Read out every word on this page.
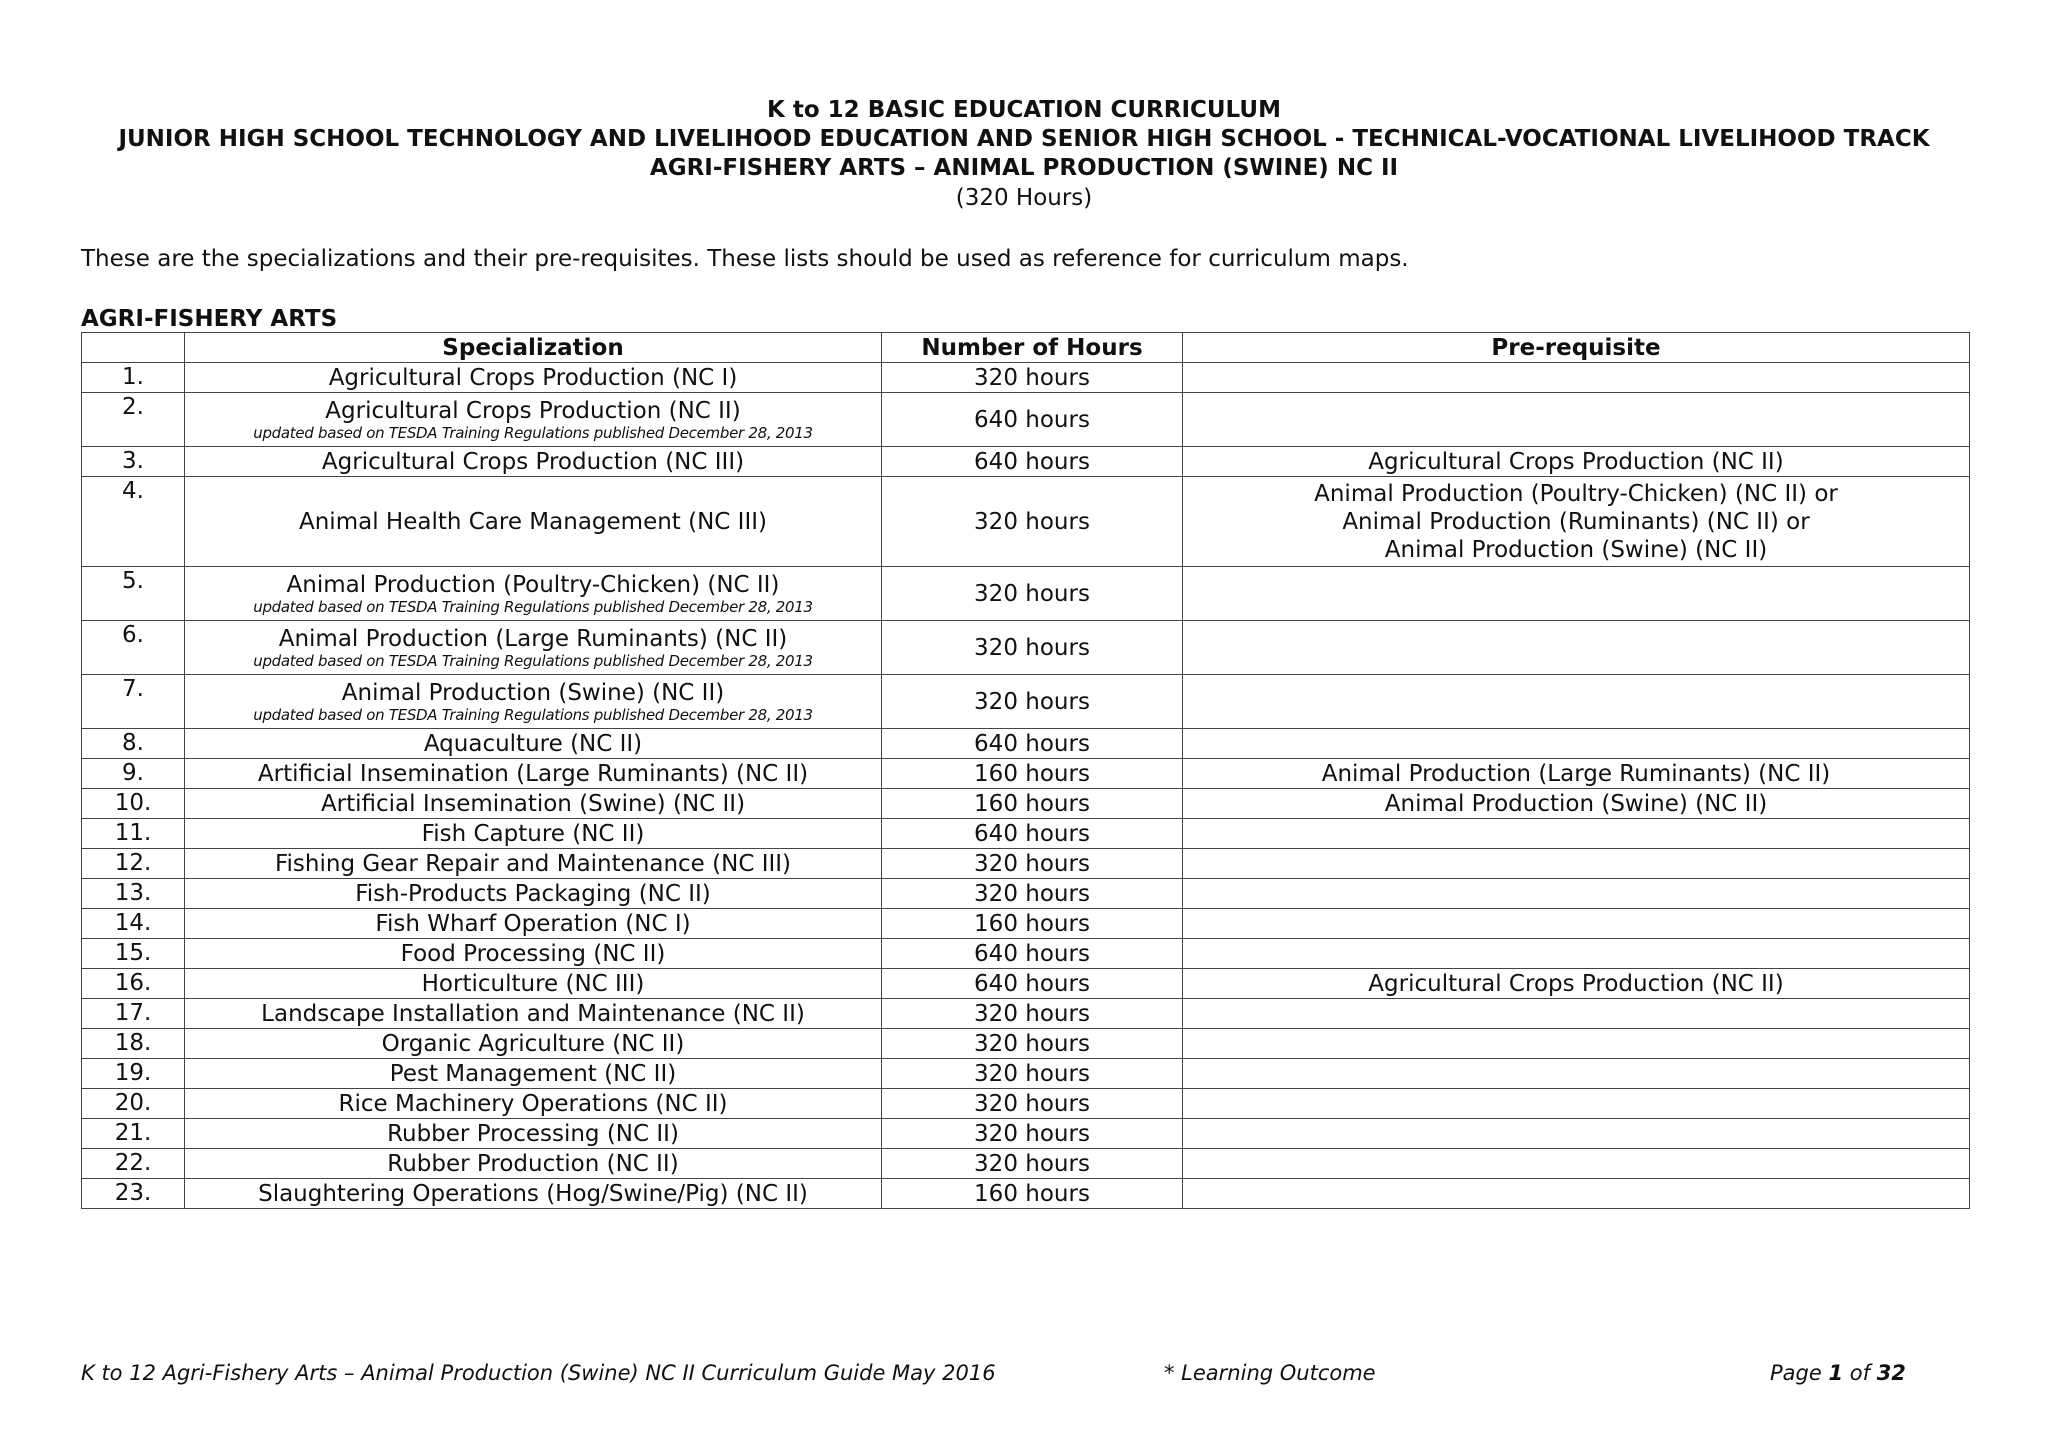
K to 12 BASIC EDUCATION CURRICULUM
JUNIOR HIGH SCHOOL TECHNOLOGY AND LIVELIHOOD EDUCATION AND SENIOR HIGH SCHOOL - TECHNICAL-VOCATIONAL LIVELIHOOD TRACK
AGRI-FISHERY ARTS – ANIMAL PRODUCTION (SWINE) NC II
(320 Hours)
These are the specializations and their pre-requisites. These lists should be used as reference for curriculum maps.
AGRI-FISHERY ARTS
	Specialization	Number of Hours	Pre-requisite
1.	Agricultural Crops Production (NC I)	320 hours	
2.	Agricultural Crops Production (NC II)
updated based on TESDA Training Regulations published December 28, 2013	640 hours	
3.	Agricultural Crops Production (NC III)	640 hours	Agricultural Crops Production (NC II)

4.	Animal Health Care Management (NC III)	320 hours	Animal Production (Poultry-Chicken) (NC II) or
Animal Production (Ruminants) (NC II) or
Animal Production (Swine) (NC II)

5.	Animal Production (Poultry-Chicken) (NC II)
updated based on TESDA Training Regulations published December 28, 2013	320 hours	
6.	Animal Production (Large Ruminants) (NC II)
updated based on TESDA Training Regulations published December 28, 2013	320 hours	
7.	Animal Production (Swine) (NC II)
updated based on TESDA Training Regulations published December 28, 2013	320 hours	
8.	Aquaculture (NC II)	640 hours	
9.	Artificial Insemination (Large Ruminants) (NC II)	160 hours	Animal Production (Large Ruminants) (NC II)

10.	Artificial Insemination (Swine) (NC II)	160 hours	Animal Production (Swine) (NC II)

11.	Fish Capture (NC II)	640 hours	
12.	Fishing Gear Repair and Maintenance (NC III)	320 hours	
13.	Fish-Products Packaging (NC II)	320 hours	
14.	Fish Wharf Operation (NC I)	160 hours	
15.	Food Processing (NC II)	640 hours	
16.	Horticulture (NC III)	640 hours	Agricultural Crops Production (NC II)

17.	Landscape Installation and Maintenance (NC II)	320 hours	
18.	Organic Agriculture (NC II)	320 hours	
19.	Pest Management (NC II)	320 hours	
20.	Rice Machinery Operations (NC II)	320 hours	
21.	Rubber Processing (NC II)	320 hours	
22.	Rubber Production (NC II)	320 hours	
23.	Slaughtering Operations (Hog/Swine/Pig) (NC II)	160 hours	
K to 12 Agri-Fishery Arts – Animal Production (Swine) NC II Curriculum Guide May 2016	* Learning Outcome	Page 1 of 32
